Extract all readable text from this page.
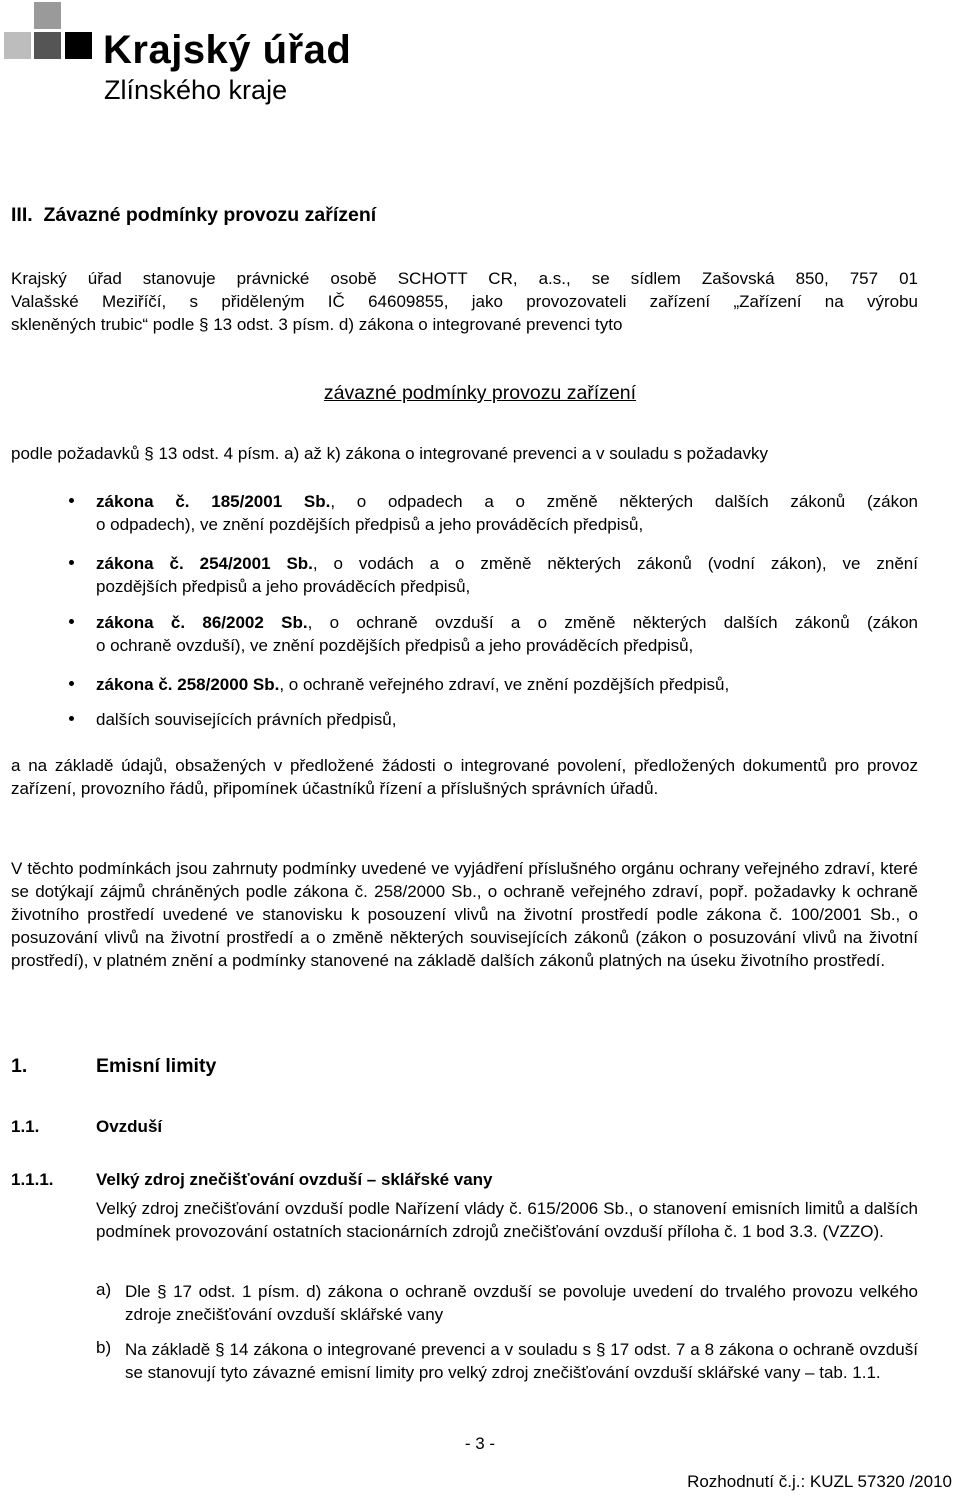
Krajský úřad
Zlínského kraje
III.  Závazné podmínky provozu zařízení
Krajský úřad stanovuje právnické osobě SCHOTT CR, a.s., se sídlem Zašovská 850, 757 01
Valašské Meziříčí, s přiděleným IČ 64609855, jako provozovateli zařízení „Zařízení na výrobu
skleněných trubic“ podle § 13 odst. 3 písm. d) zákona o integrované prevenci tyto
závazné podmínky provozu zařízení
podle požadavků § 13 odst. 4 písm. a) až k) zákona o integrované prevenci a v souladu s požadavky
zákona č. 185/2001 Sb., o odpadech a o změně některých dalších zákonů (zákon
o odpadech), ve znění pozdějších předpisů a jeho prováděcích předpisů,
zákona č. 254/2001 Sb., o vodách a o změně některých zákonů (vodní zákon), ve znění
pozdějších předpisů a jeho prováděcích předpisů,
zákona č. 86/2002 Sb., o ochraně ovzduší a o změně některých dalších zákonů (zákon
o ochraně ovzduší), ve znění pozdějších předpisů a jeho prováděcích předpisů,
zákona č. 258/2000 Sb., o ochraně veřejného zdraví, ve znění pozdějších předpisů,
dalších souvisejících právních předpisů,
a na základě údajů, obsažených v předložené žádosti o integrované povolení, předložených dokumentů pro provoz zařízení, provozního řádů, připomínek účastníků řízení a příslušných správních úřadů.
V těchto podmínkách jsou zahrnuty podmínky uvedené ve vyjádření příslušného orgánu ochrany veřejného zdraví, které se dotýkají zájmů chráněných podle zákona č. 258/2000 Sb., o ochraně veřejného zdraví, popř. požadavky k ochraně životního prostředí uvedené ve stanovisku k posouzení vlivů na životní prostředí podle zákona č. 100/2001 Sb., o posuzování vlivů na životní prostředí a o změně některých souvisejících zákonů (zákon o posuzování vlivů na životní prostředí), v platném znění a podmínky stanovené na základě dalších zákonů platných na úseku životního prostředí.
1.	Emisní limity
1.1.	Ovzduší
1.1.1. Velký zdroj znečišťování ovzduší – sklářské vany
Velký zdroj znečišťování ovzduší podle Nařízení vlády č. 615/2006 Sb., o stanovení emisních limitů a dalších podmínek provozování ostatních stacionárních zdrojů znečišťování ovzduší příloha č. 1 bod 3.3. (VZZO).
a) Dle § 17 odst. 1 písm. d) zákona o ochraně ovzduší se povoluje uvedení do trvalého provozu velkého zdroje znečišťování ovzduší sklářské vany
b) Na základě § 14 zákona o integrované prevenci a v souladu s § 17 odst. 7 a 8 zákona o ochraně ovzduší se stanovují tyto závazné emisní limity pro velký zdroj znečišťování ovzduší sklářské vany – tab. 1.1.
- 3 -
Rozhodnutí č.j.: KUZL 57320 /2010
